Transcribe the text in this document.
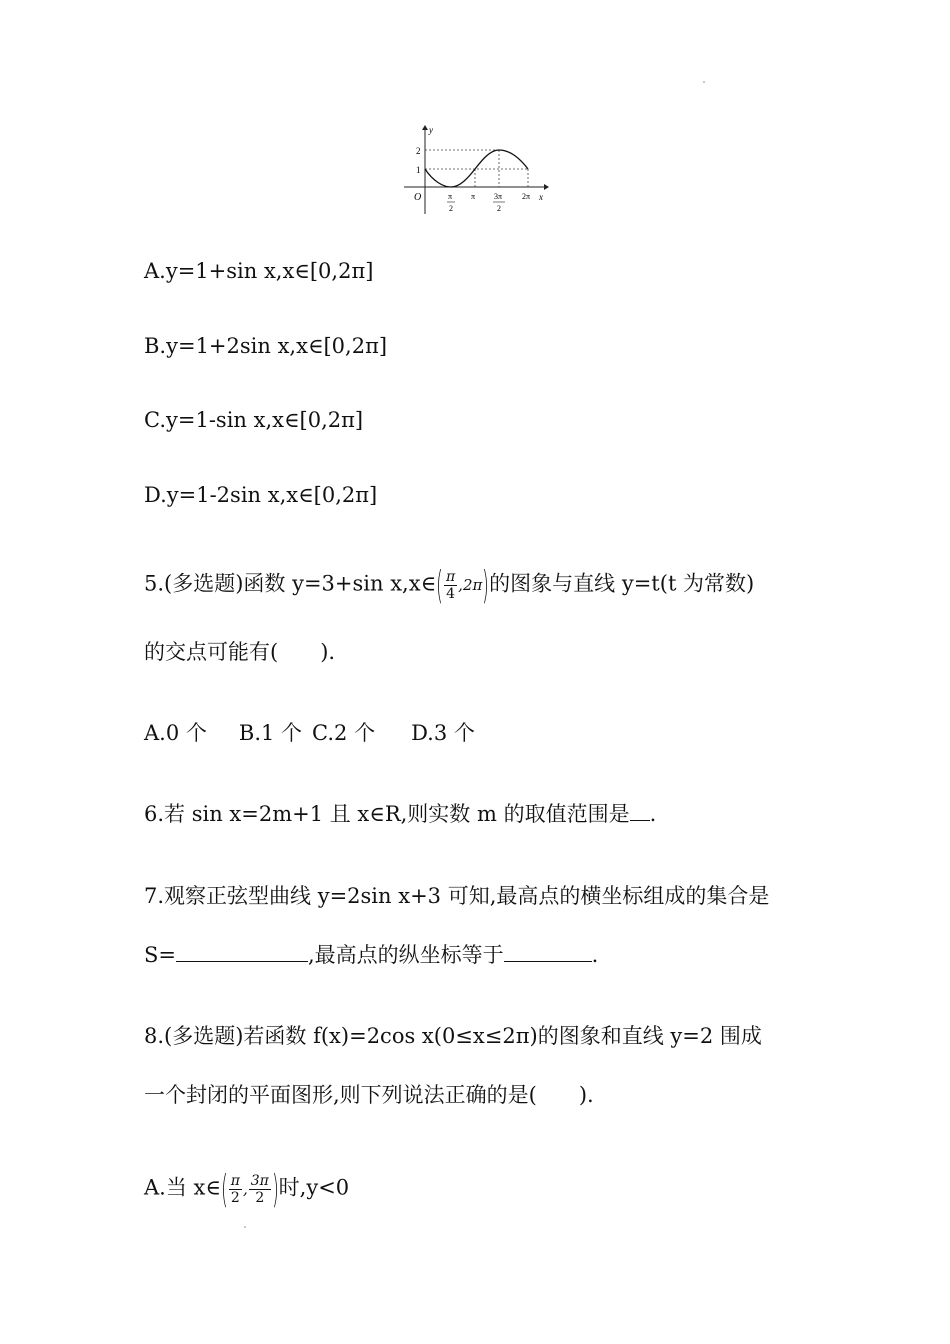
y
x
O
1
2
π
2
π 3π
2
2π
A.y=1+sin x,x∈[0,2π]
B.y=1+2sin x,x∈[0,2π]
C.y=1-sin x,x∈[0,2π]
D.y=1-2sin x,x∈[0,2π]
5.(多选题)函数 y=3+sin x,x∈( $\frac{\pi}{4} ,2\pi$)的图象与直线 y=t(t 为常数)
的交点可能有(　　).
A.0 个 B.1 个 C.2 个 D.3 个
6.若 sin x=2m+1 且 x∈R,则实数 m 的取值范围是 .
7.观察正弦型曲线 y=2sin x+3 可知,最高点的横坐标组成的集合是
S=	,最高点的纵坐标等于	.
8.(多选题)若函数 f(x)=2cos x(0≤x≤2π)的图象和直线 y=2 围成
一个封闭的平面图形,则下列说法正确的是(　　).
A.当 x∈( $\frac{\pi}{2}$ , $\frac{3\pi}{2}$ )时,y<0
